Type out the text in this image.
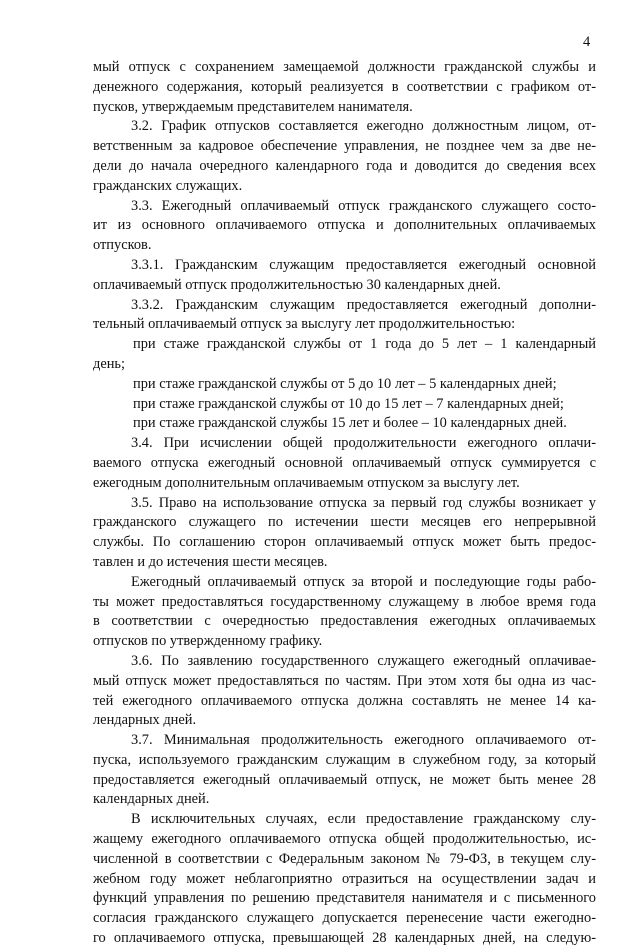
4
мый отпуск с сохранением замещаемой должности гражданской службы и
денежного содержания, который реализуется в соответствии с графиком от-
пусков, утверждаемым представителем нанимателя.
3.2. График отпусков составляется ежегодно должностным лицом, от-
ветственным за кадровое обеспечение управления, не позднее чем за две не-
дели до начала очередного календарного года и доводится до сведения всех
гражданских служащих.
3.3. Ежегодный оплачиваемый отпуск гражданского служащего состо-
ит из основного оплачиваемого отпуска и дополнительных оплачиваемых
отпусков.
3.3.1. Гражданским служащим предоставляется ежегодный основной
оплачиваемый отпуск продолжительностью 30 календарных дней.
3.3.2. Гражданским служащим предоставляется ежегодный дополни-
тельный оплачиваемый отпуск за выслугу лет продолжительностью:
при стаже гражданской службы от 1 года до 5 лет – 1 календарный
день;
при стаже гражданской службы от 5 до 10 лет – 5 календарных дней;
при стаже гражданской службы от 10 до 15 лет – 7 календарных дней;
при стаже гражданской службы 15 лет и более – 10 календарных дней.
3.4. При исчислении общей продолжительности ежегодного оплачи-
ваемого отпуска ежегодный основной оплачиваемый отпуск суммируется с
ежегодным дополнительным оплачиваемым отпуском за выслугу лет.
3.5. Право на использование отпуска за первый год службы возникает у
гражданского служащего по истечении шести месяцев его непрерывной
службы. По соглашению сторон оплачиваемый отпуск может быть предос-
тавлен и до истечения шести месяцев.
Ежегодный оплачиваемый отпуск за второй и последующие годы рабо-
ты может предоставляться государственному служащему в любое время года
в соответствии с очередностью предоставления ежегодных оплачиваемых
отпусков по утвержденному графику.
3.6. По заявлению государственного служащего ежегодный оплачивае-
мый отпуск может предоставляться по частям. При этом хотя бы одна из час-
тей ежегодного оплачиваемого отпуска должна составлять не менее 14 ка-
лендарных дней.
3.7. Минимальная продолжительность ежегодного оплачиваемого от-
пуска, используемого гражданским служащим в служебном году, за который
предоставляется ежегодный оплачиваемый отпуск, не может быть менее 28
календарных дней.
В исключительных случаях, если предоставление гражданскому слу-
жащему ежегодного оплачиваемого отпуска общей продолжительностью, ис-
численной в соответствии с Федеральным законом № 79-ФЗ, в текущем слу-
жебном году может неблагоприятно отразиться на осуществлении задач и
функций управления по решению представителя нанимателя и с письменного
согласия гражданского служащего допускается перенесение части ежегодно-
го оплачиваемого отпуска, превышающей 28 календарных дней, на следую-
